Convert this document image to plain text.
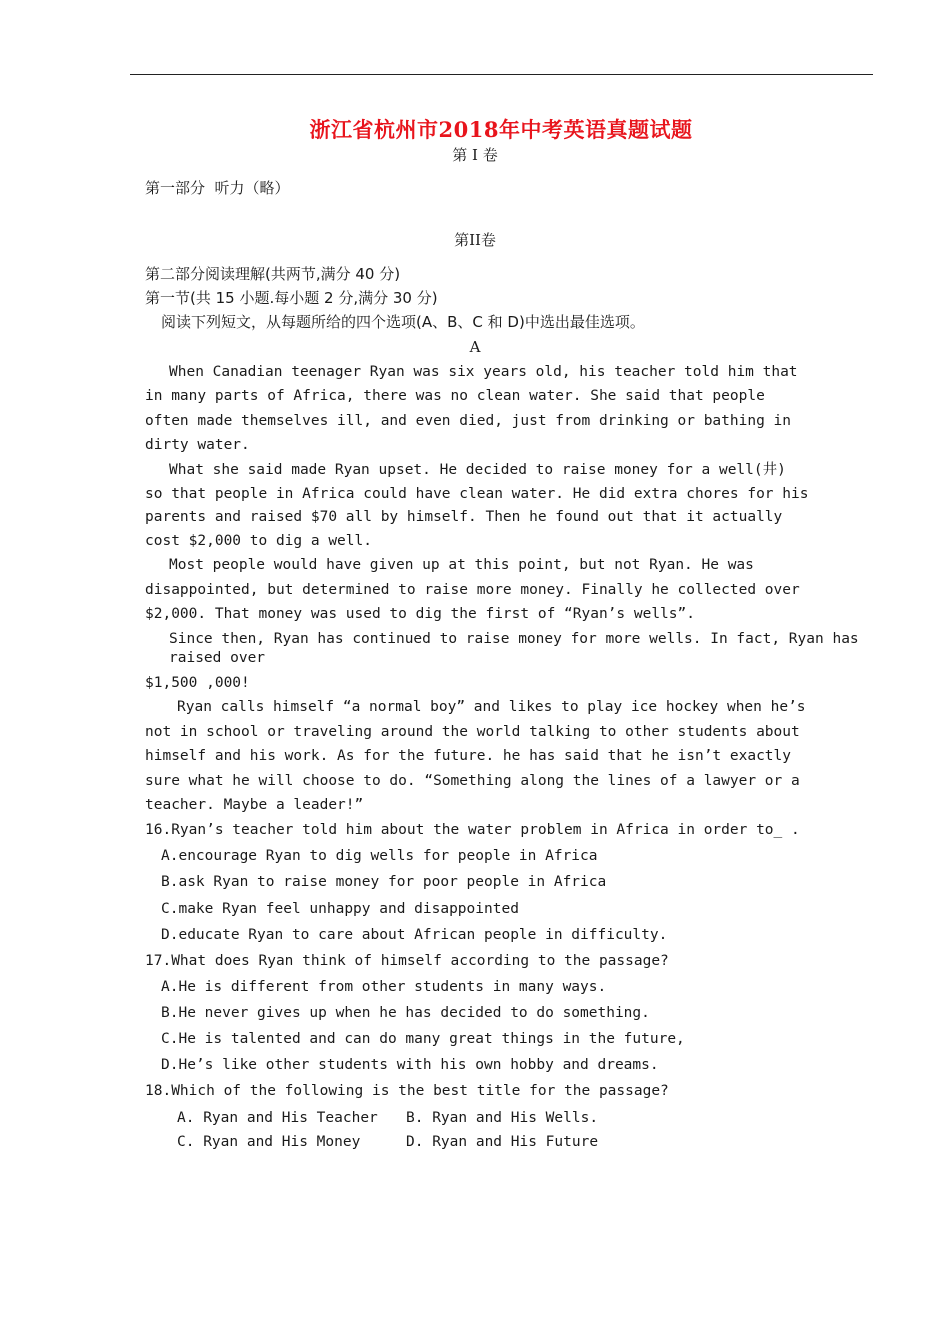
浙江省杭州市2018年中考英语真题试题
第 I 卷
第一部分  听力（略）
第II卷
第二部分阅读理解(共两节,满分 40 分)
第一节(共 15 小题.每小题 2 分,满分 30 分)
阅读下列短文，从每题所给的四个选项(A、B、C 和 D)中选出最佳选项。
A
When Canadian teenager Ryan was six years old, his teacher told him that
in many parts of Africa, there was no clean water. She said that people
often made themselves ill, and even died, just from drinking or bathing in
dirty water.
What she said made Ryan upset. He decided to raise money for a well(井)
so that people in Africa could have clean water. He did extra chores for his
parents and raised $70 all by himself. Then he found out that it actually
cost $2,000 to dig a well.
Most people would have given up at this point, but not Ryan. He was
disappointed, but determined to raise more money. Finally he collected over
$2,000. That money was used to dig the first of “Ryan’s wells”.
Since then, Ryan has continued to raise money for more wells. In fact, Ryan has
raised over
$1,500 ,000!
Ryan calls himself “a normal boy” and likes to play ice hockey when he’s
not in school or traveling around the world talking to other students about
himself and his work. As for the future. he has said that he isn’t exactly
sure what he will choose to do. “Something along the lines of a lawyer or a
teacher. Maybe a leader!”
16.Ryan’s teacher told him about the water problem in Africa in order to_ .
A.encourage Ryan to dig wells for people in Africa
B.ask Ryan to raise money for poor people in Africa
C.make Ryan feel unhappy and disappointed
D.educate Ryan to care about African people in difficulty.
17.What does Ryan think of himself according to the passage?
A.He is different from other students in many ways.
B.He never gives up when he has decided to do something.
C.He is talented and can do many great things in the future,
D.He’s like other students with his own hobby and dreams.
18.Which of the following is the best title for the passage?
A. Ryan and His Teacher B. Ryan and His Wells.
C. Ryan and His Money	D. Ryan and His Future
